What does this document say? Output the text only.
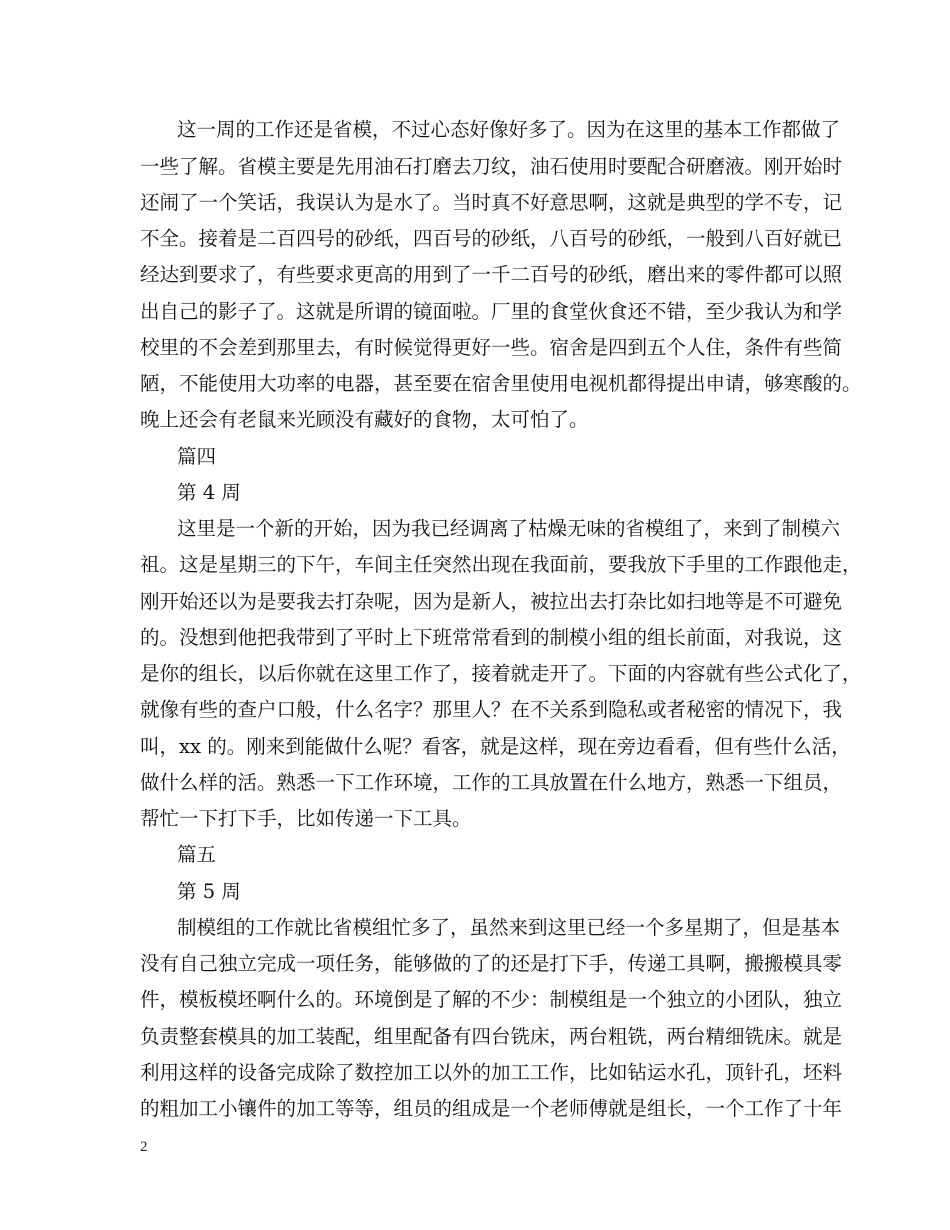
这一周的工作还是省模，不过心态好像好多了。因为在这里的基本工作都做了
一些了解。省模主要是先用油石打磨去刀纹，油石使用时要配合研磨液。刚开始时
还闹了一个笑话，我误认为是水了。当时真不好意思啊，这就是典型的学不专，记
不全。接着是二百四号的砂纸，四百号的砂纸，八百号的砂纸，一般到八百好就已
经达到要求了，有些要求更高的用到了一千二百号的砂纸，磨出来的零件都可以照
出自己的影子了。这就是所谓的镜面啦。厂里的食堂伙食还不错，至少我认为和学
校里的不会差到那里去，有时候觉得更好一些。宿舍是四到五个人住，条件有些简
陋，不能使用大功率的电器，甚至要在宿舍里使用电视机都得提出申请，够寒酸的。
晚上还会有老鼠来光顾没有藏好的食物，太可怕了。
篇四
第 4 周
这里是一个新的开始，因为我已经调离了枯燥无味的省模组了，来到了制模六
祖。这是星期三的下午，车间主任突然出现在我面前，要我放下手里的工作跟他走，
刚开始还以为是要我去打杂呢，因为是新人，被拉出去打杂比如扫地等是不可避免
的。没想到他把我带到了平时上下班常常看到的制模小组的组长前面，对我说，这
是你的组长，以后你就在这里工作了，接着就走开了。下面的内容就有些公式化了，
就像有些的查户口般，什么名字？那里人？在不关系到隐私或者秘密的情况下，我
叫，xx 的。刚来到能做什么呢？看客，就是这样，现在旁边看看，但有些什么活，
做什么样的活。熟悉一下工作环境，工作的工具放置在什么地方，熟悉一下组员，
帮忙一下打下手，比如传递一下工具。
篇五
第 5 周
制模组的工作就比省模组忙多了，虽然来到这里已经一个多星期了，但是基本
没有自己独立完成一项任务，能够做的了的还是打下手，传递工具啊，搬搬模具零
件，模板模坯啊什么的。环境倒是了解的不少：制模组是一个独立的小团队，独立
负责整套模具的加工装配，组里配备有四台铣床，两台粗铣，两台精细铣床。就是
利用这样的设备完成除了数控加工以外的加工工作，比如钻运水孔，顶针孔，坯料
的粗加工小镶件的加工等等，组员的组成是一个老师傅就是组长，一个工作了十年
2
